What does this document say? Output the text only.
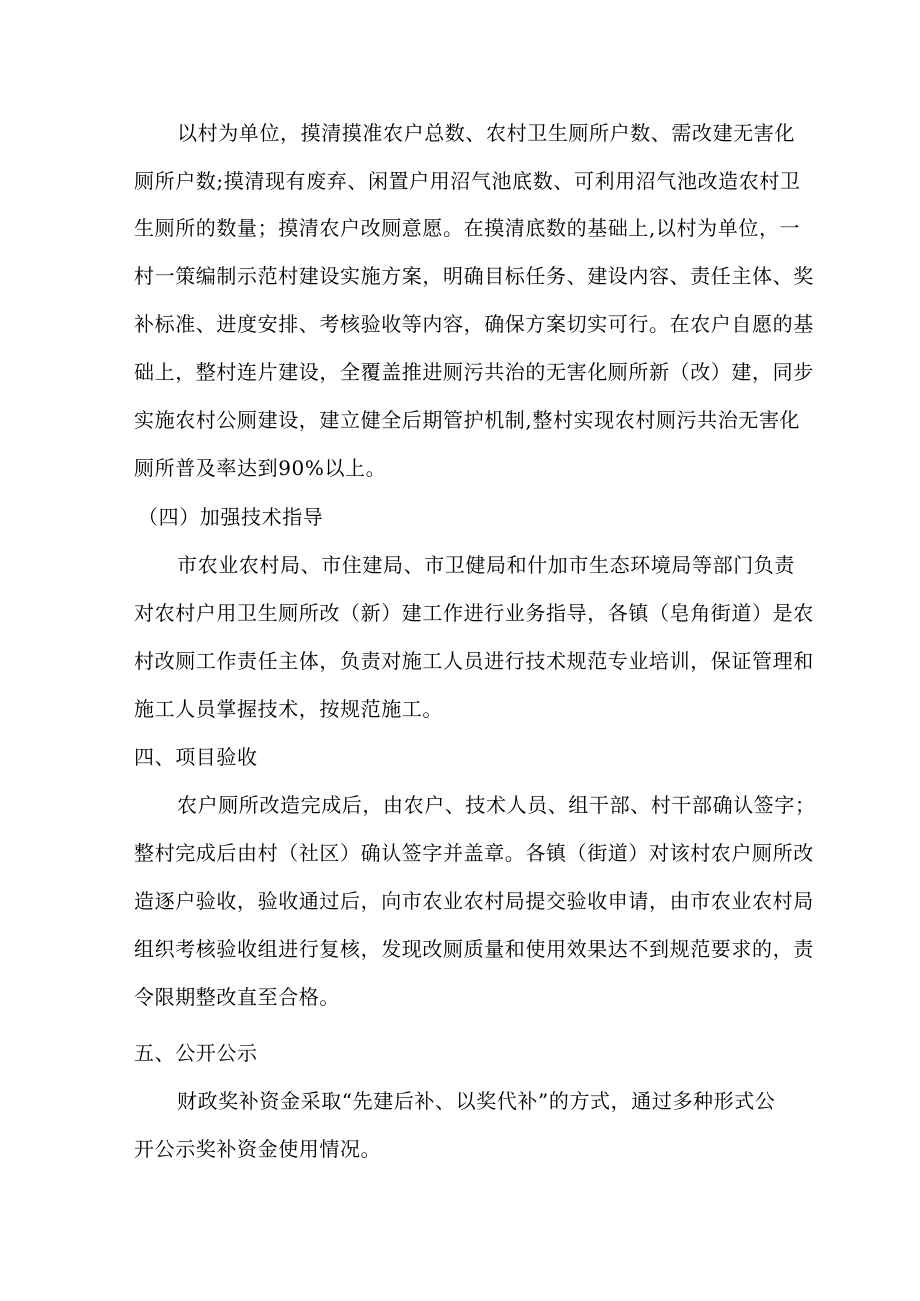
以村为单位，摸清摸准农户总数、农村卫生厕所户数、需改建无害化
厕所户数;摸清现有废弃、闲置户用沼气池底数、可利用沼气池改造农村卫
生厕所的数量；摸清农户改厕意愿。在摸清底数的基础上,以村为单位，一
村一策编制示范村建设实施方案，明确目标任务、建设内容、责任主体、奖
补标准、进度安排、考核验收等内容，确保方案切实可行。在农户自愿的基
础上，整村连片建设，全覆盖推进厕污共治的无害化厕所新（改）建，同步
实施农村公厕建设，建立健全后期管护机制,整村实现农村厕污共治无害化
厕所普及率达到90%以上。
（四）加强技术指导
市农业农村局、市住建局、市卫健局和什加市生态环境局等部门负责
对农村户用卫生厕所改（新）建工作进行业务指导，各镇（皂角街道）是农
村改厕工作责任主体，负责对施工人员进行技术规范专业培训，保证管理和
施工人员掌握技术，按规范施工。
四、项目验收
农户厕所改造完成后，由农户、技术人员、组干部、村干部确认签字；
整村完成后由村（社区）确认签字并盖章。各镇（街道）对该村农户厕所改
造逐户验收，验收通过后，向市农业农村局提交验收申请，由市农业农村局
组织考核验收组进行复核，发现改厕质量和使用效果达不到规范要求的，责
令限期整改直至合格。
五、公开公示
财政奖补资金采取“先建后补、以奖代补”的方式，通过多种形式公
开公示奖补资金使用情况。
